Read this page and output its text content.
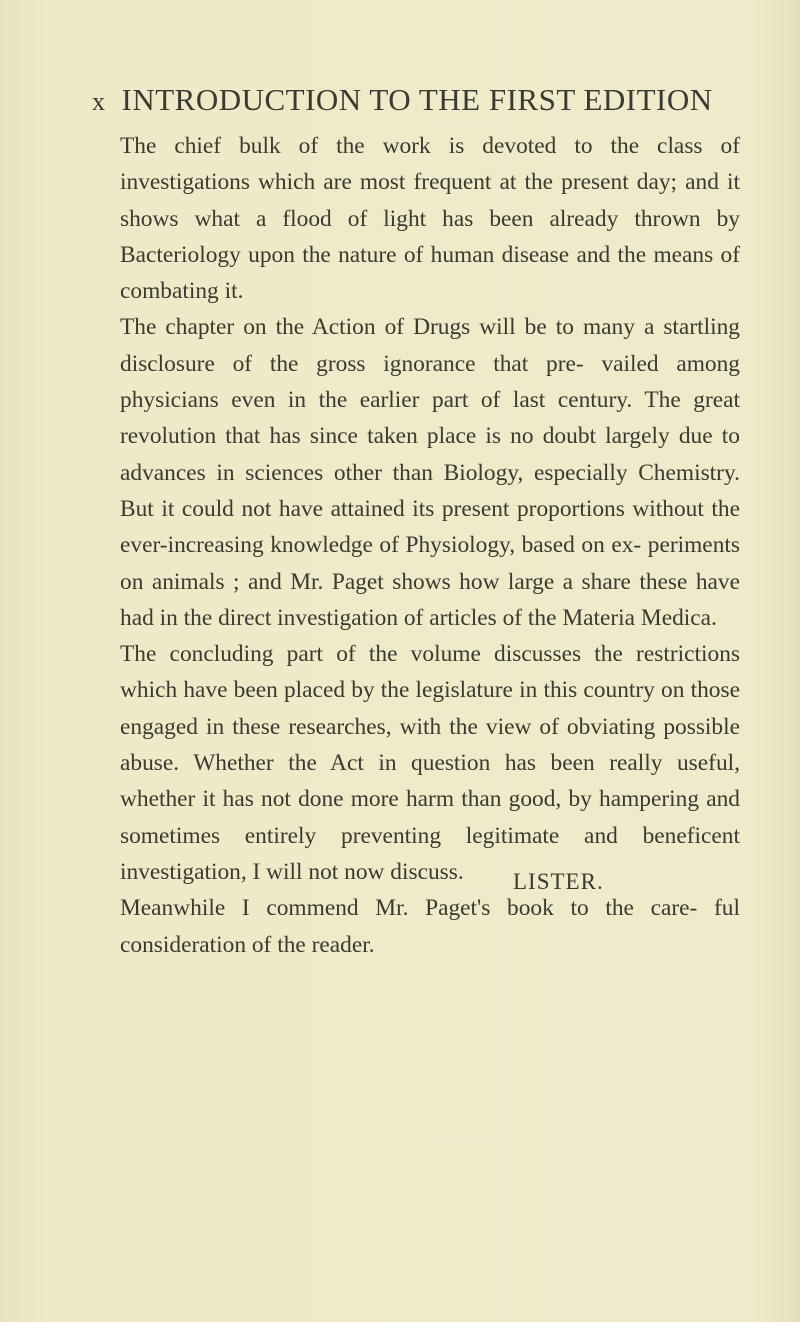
x INTRODUCTION TO THE FIRST EDITION

The chief bulk of the work is devoted to the class of investigations which are most frequent at the present day; and it shows what a flood of light has been already thrown by Bacteriology upon the nature of human disease and the means of combating it.

The chapter on the Action of Drugs will be to many a startling disclosure of the gross ignorance that pre- vailed among physicians even in the earlier part of last century. The great revolution that has since taken place is no doubt largely due to advances in sciences other than Biology, especially Chemistry. But it could not have attained its present proportions without the ever-increasing knowledge of Physiology, based on ex- periments on animals ; and Mr. Paget shows how large a share these have had in the direct investigation of articles of the Materia Medica.

The concluding part of the volume discusses the restrictions which have been placed by the legislature in this country on those engaged in these researches, with the view of obviating possible abuse. Whether the Act in question has been really useful, whether it has not done more harm than good, by hampering and sometimes entirely preventing legitimate and beneficent investigation, I will not now discuss.

Meanwhile I commend Mr. Paget's book to the care- ful consideration of the reader.

LISTER.
